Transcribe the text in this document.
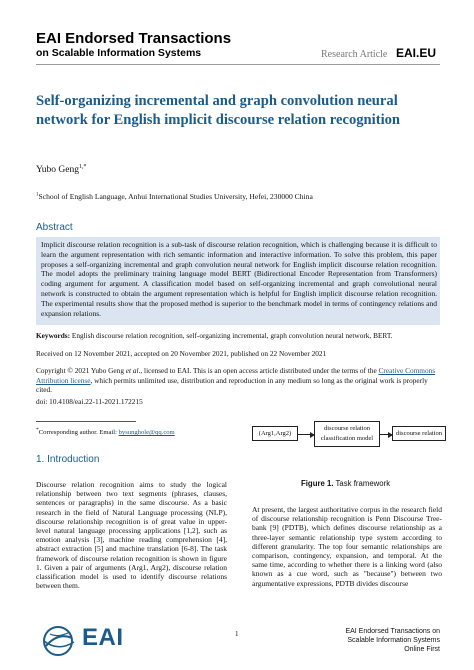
EAI Endorsed Transactions
on Scalable Information Systems	Research Article EAI.EU
Self-organizing incremental and graph convolution neural network for English implicit discourse relation recognition
Yubo Geng$^{1,*}$
$^1$School of English Language, Anhui International Studies University, Hefei, 230000 China
Abstract
Implicit discourse relation recognition is a sub-task of discourse relation recognition, which is challenging because it is difficult to learn the argument representation with rich semantic information and interactive information. To solve this problem, this paper proposes a self-organizing incremental and graph convolution neural network for English implicit discourse relation recognition. The model adopts the preliminary training language model BERT (Bidirectional Encoder Representation from Transformers) coding argument for argument. A classification model based on self-organizing incremental and graph convolutional neural network is constructed to obtain the argument representation which is helpful for English implicit discourse relation recognition. The experimental results show that the proposed method is superior to the benchmark model in terms of contingency relations and expansion relations.
Keywords: English discourse relation recognition, self-organizing incremental, graph convolution neural network, BERT.
Received on 12 November 2021, accepted on 20 November 2021, published on 22 November 2021
Copyright © 2021 Yubo Geng et al., licensed to EAI. This is an open access article distributed under the terms of the Creative Commons Attribution license, which permits unlimited use, distribution and reproduction in any medium so long as the original work is properly cited.
doi: 10.4108/eai.22-11-2021.172215
*Corresponding author. Email: bysunghole@qq.com
1. Introduction
Discourse relation recognition aims to study the logical relationship between two text segments (phrases, clauses, sentences or paragraphs) in the same discourse. As a basic research in the field of Natural Language processing (NLP), discourse relationship recognition is of great value in upper-level natural language processing applications [1,2], such as emotion analysis [3], machine reading comprehension [4], abstract extraction [5] and machine translation [6-8]. The task framework of discourse relation recognition is shown in figure 1. Given a pair of arguments (Arg1, Arg2), discourse relation classification model is used to identify discourse relations between them.
(Arg1,Arg2)
discourse relation
classification model
discourse relation
Figure 1. Task framework
At present, the largest authoritative corpus in the research field of discourse relationship recognition is Penn Discourse Tree-bank [9] (PDTB), which defines discourse relationship as a three-layer semantic relationship type system according to different granularity. The top four semantic relationships are comparison, contingency, expansion, and temporal. At the same time, according to whether there is a linking word (also known as a cue word, such as "because") between two argumentative expressions, PDTB divides discourse
EAI	1	EAI Endorsed Transactions on
Scalable Information Systems
Online First
